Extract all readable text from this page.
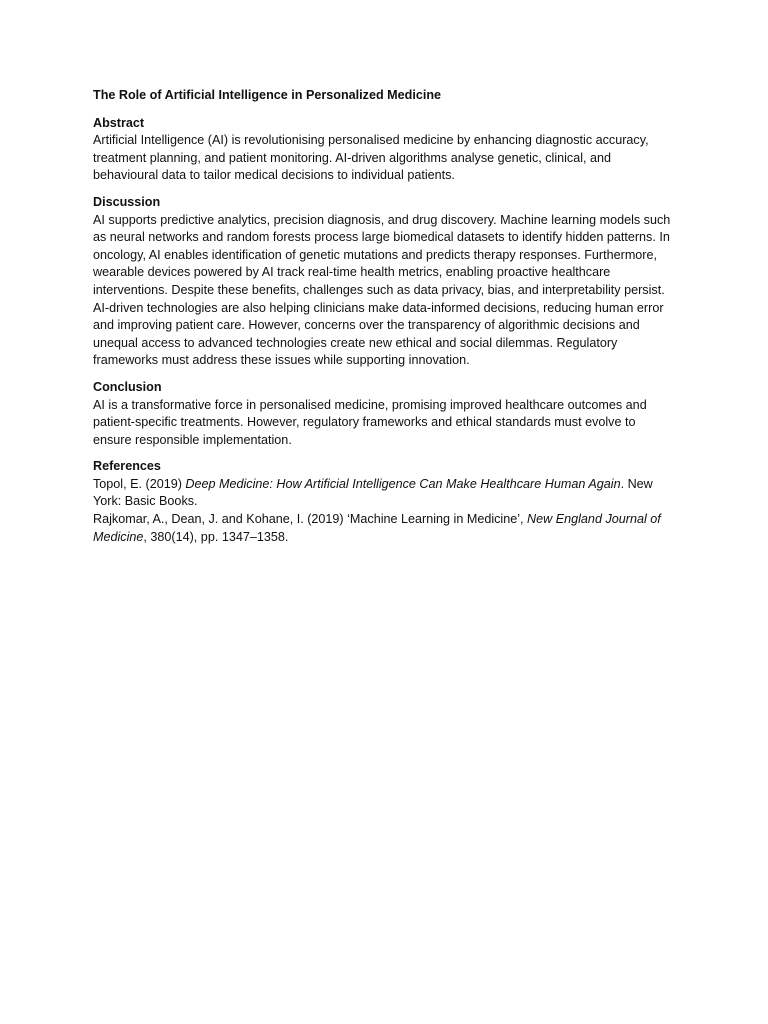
The Role of Artificial Intelligence in Personalized Medicine

Abstract

Artificial Intelligence (AI) is revolutionising personalised medicine by enhancing diagnostic accuracy, treatment planning, and patient monitoring. AI-driven algorithms analyse genetic, clinical, and behavioural data to tailor medical decisions to individual patients.

Discussion

AI supports predictive analytics, precision diagnosis, and drug discovery. Machine learning models such as neural networks and random forests process large biomedical datasets to identify hidden patterns. In oncology, AI enables identification of genetic mutations and predicts therapy responses. Furthermore, wearable devices powered by AI track real-time health metrics, enabling proactive healthcare interventions. Despite these benefits, challenges such as data privacy, bias, and interpretability persist.

AI-driven technologies are also helping clinicians make data-informed decisions, reducing human error and improving patient care. However, concerns over the transparency of algorithmic decisions and unequal access to advanced technologies create new ethical and social dilemmas. Regulatory frameworks must address these issues while supporting innovation.

Conclusion

AI is a transformative force in personalised medicine, promising improved healthcare outcomes and patient-specific treatments. However, regulatory frameworks and ethical standards must evolve to ensure responsible implementation.

References

Topol, E. (2019) Deep Medicine: How Artificial Intelligence Can Make Healthcare Human Again. New York: Basic Books.

Rajkomar, A., Dean, J. and Kohane, I. (2019) ‘Machine Learning in Medicine’, New England Journal of Medicine, 380(14), pp. 1347–1358.
